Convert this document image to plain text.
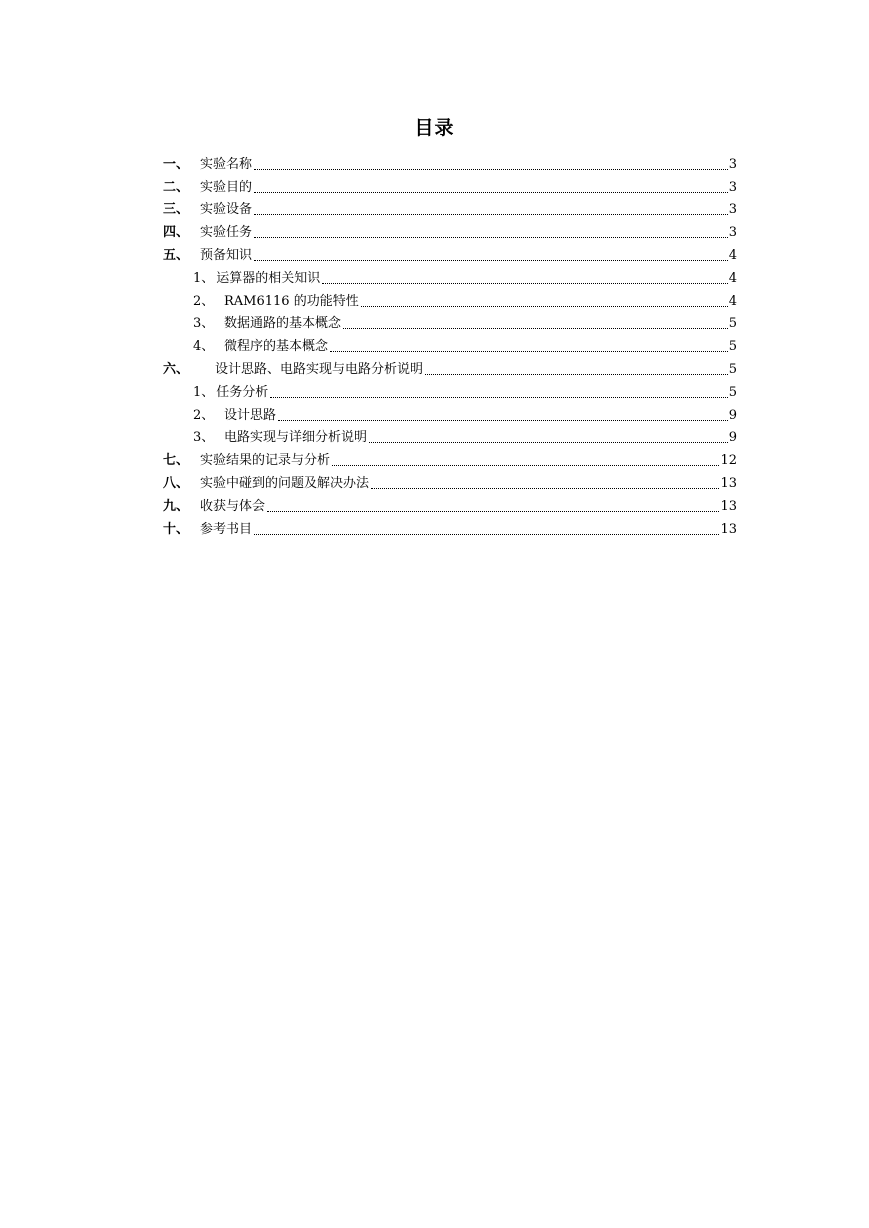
目录
一、 实验名称	3
二、 实验目的	3
三、 实验设备	3
四、 实验任务	3
五、 预备知识	4
1、 运算器的相关知识	4
2、 RAM6116 的功能特性	4
3、 数据通路的基本概念	5
4、 微程序的基本概念	5
六、	设计思路、电路实现与电路分析说明	5
1、 任务分析	5
2、 设计思路	9
3、 电路实现与详细分析说明	9
七、 实验结果的记录与分析	12
八、 实验中碰到的问题及解决办法	13
九、 收获与体会	13
十、 参考书目	13
